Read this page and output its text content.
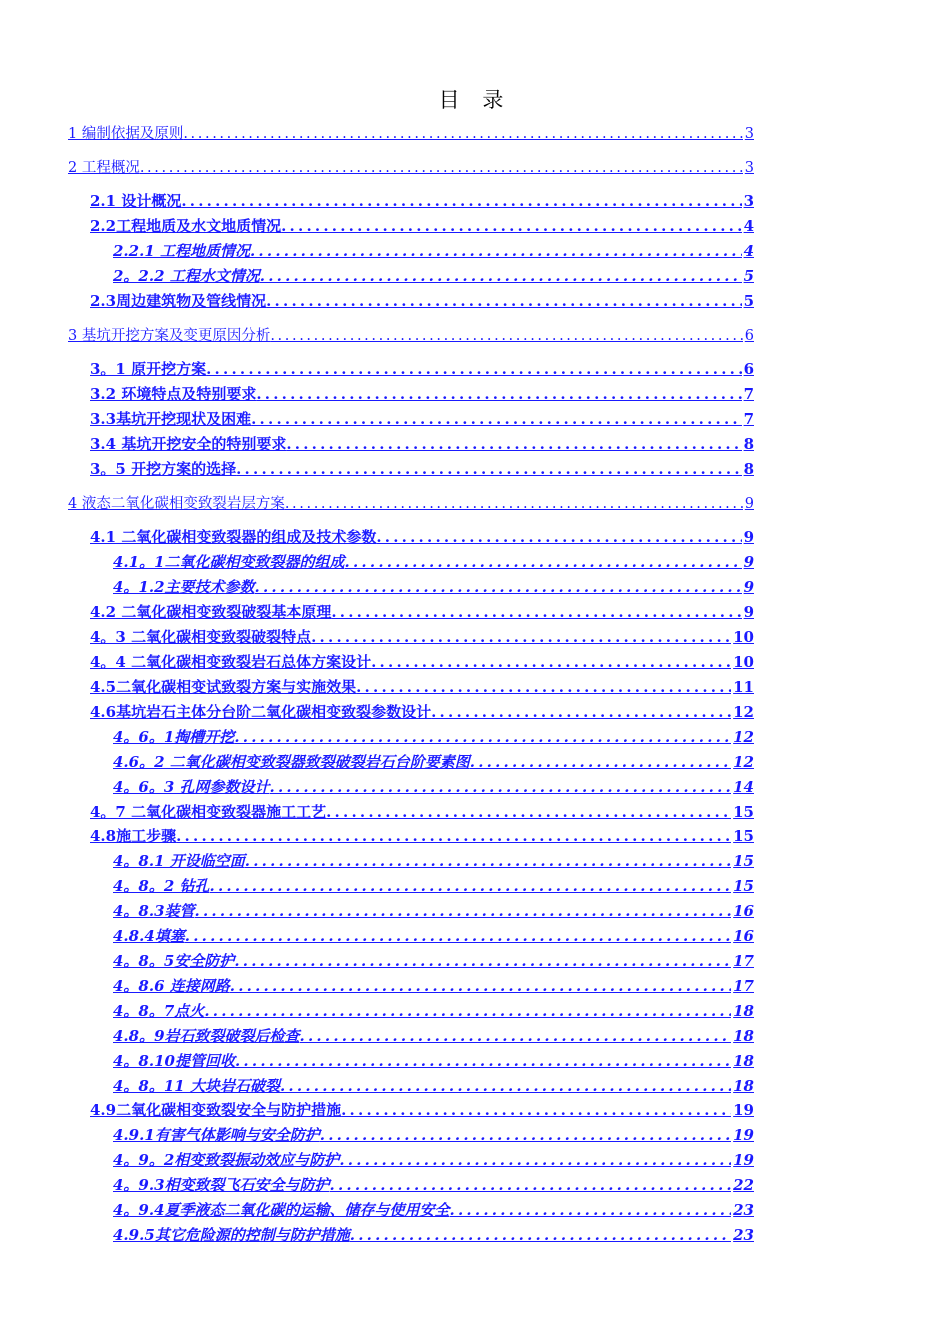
目 录
1 编制依据及原则 . . .	3
2 工程概况 . . .	3
2.1 设计概况 . . .	3
2.2工程地质及水文地质情况 . . .	4
2.2.1 工程地质情况 . . .	4
2。2.2 工程水文情况 . . .	5
2.3周边建筑物及管线情况 . . .	5
3 基坑开挖方案及变更原因分析 . . .	6
3。1 原开挖方案 . . .	6
3.2 环境特点及特别要求 . . .	7
3.3基坑开挖现状及困难 . . .	7
3.4 基坑开挖安全的特别要求 . . .	8
3。5 开挖方案的选择 . . .	8
4 液态二氧化碳相变致裂岩层方案 . . .	9
4.1 二氧化碳相变致裂器的组成及技术参数 . . .	9
4.1。1二氧化碳相变致裂器的组成 . . .	9
4。1.2主要技术参数 . . .	9
4.2 二氧化碳相变致裂破裂基本原理 . . .	9
4。3 二氧化碳相变致裂破裂特点 . . .	10
4。4 二氧化碳相变致裂岩石总体方案设计 . . .	10
4.5二氧化碳相变试致裂方案与实施效果 . . .	11
4.6基坑岩石主体分台阶二氧化碳相变致裂参数设计 . . .	12
4。6。1掏槽开挖 . . .	12
4.6。2 二氧化碳相变致裂器致裂破裂岩石台阶要素图 . . .	12
4。6。3 孔网参数设计 . . .	14
4。7 二氧化碳相变致裂器施工工艺 . . .	15
4.8施工步骤 . . .	15
4。8.1 开设临空面 . . .	15
4。8。2 钻孔 . . .	15
4。8.3装管 . . .	16
4.8.4填塞 . . .	16
4。8。5安全防护 . . .	17
4。8.6 连接网路 . . .	17
4。8。7点火 . . .	18
4.8。9岩石致裂破裂后检查 . . .	18
4。8.10提管回收 . . .	18
4。8。11 大块岩石破裂 . . .	18
4.9二氧化碳相变致裂安全与防护措施 . . .	19
4.9.1有害气体影响与安全防护 . . .	19
4。9。2相变致裂振动效应与防护 . . .	19
4。9.3相变致裂飞石安全与防护 . . .	22
4。9.4夏季液态二氧化碳的运输、储存与使用安全 . . .	23
4.9.5其它危险源的控制与防护措施 . . .	23
